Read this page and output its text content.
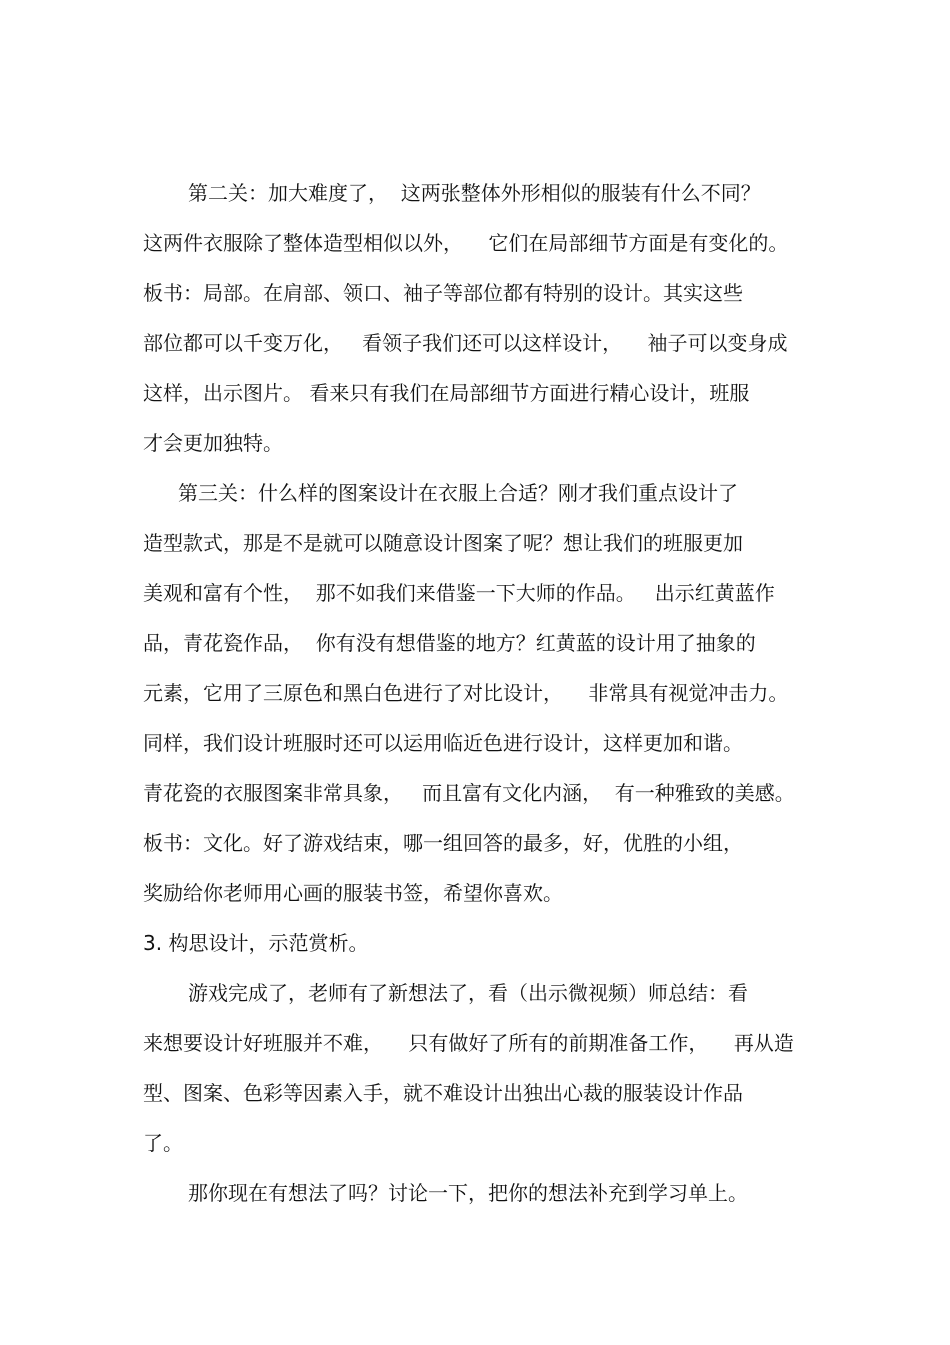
第二关：加大难度了，  这两张整体外形相似的服装有什么不同？

这两件衣服除了整体造型相似以外，    它们在局部细节方面是有变化的。

板书：局部。在肩部、领口、袖子等部位都有特别的设计。其实这些

部位都可以千变万化，   看领子我们还可以这样设计，    袖子可以变身成

这样，出示图片。 看来只有我们在局部细节方面进行精心设计，班服

才会更加独特。

第三关：什么样的图案设计在衣服上合适？刚才我们重点设计了

造型款式，那是不是就可以随意设计图案了呢？想让我们的班服更加

美观和富有个性，  那不如我们来借鉴一下大师的作品。   出示红黄蓝作

品，青花瓷作品，  你有没有想借鉴的地方？红黄蓝的设计用了抽象的

元素，它用了三原色和黑白色进行了对比设计，    非常具有视觉冲击力。

同样，我们设计班服时还可以运用临近色进行设计，这样更加和谐。

青花瓷的衣服图案非常具象，   而且富有文化内涵，  有一种雅致的美感。

板书：文化。好了游戏结束，哪一组回答的最多，好，优胜的小组，

奖励给你老师用心画的服装书签，希望你喜欢。

3. 构思设计，示范赏析。

游戏完成了，老师有了新想法了，看（出示微视频）师总结：看

来想要设计好班服并不难，    只有做好了所有的前期准备工作，    再从造

型、图案、色彩等因素入手，就不难设计出独出心裁的服装设计作品

了。

那你现在有想法了吗？讨论一下，把你的想法补充到学习单上。
